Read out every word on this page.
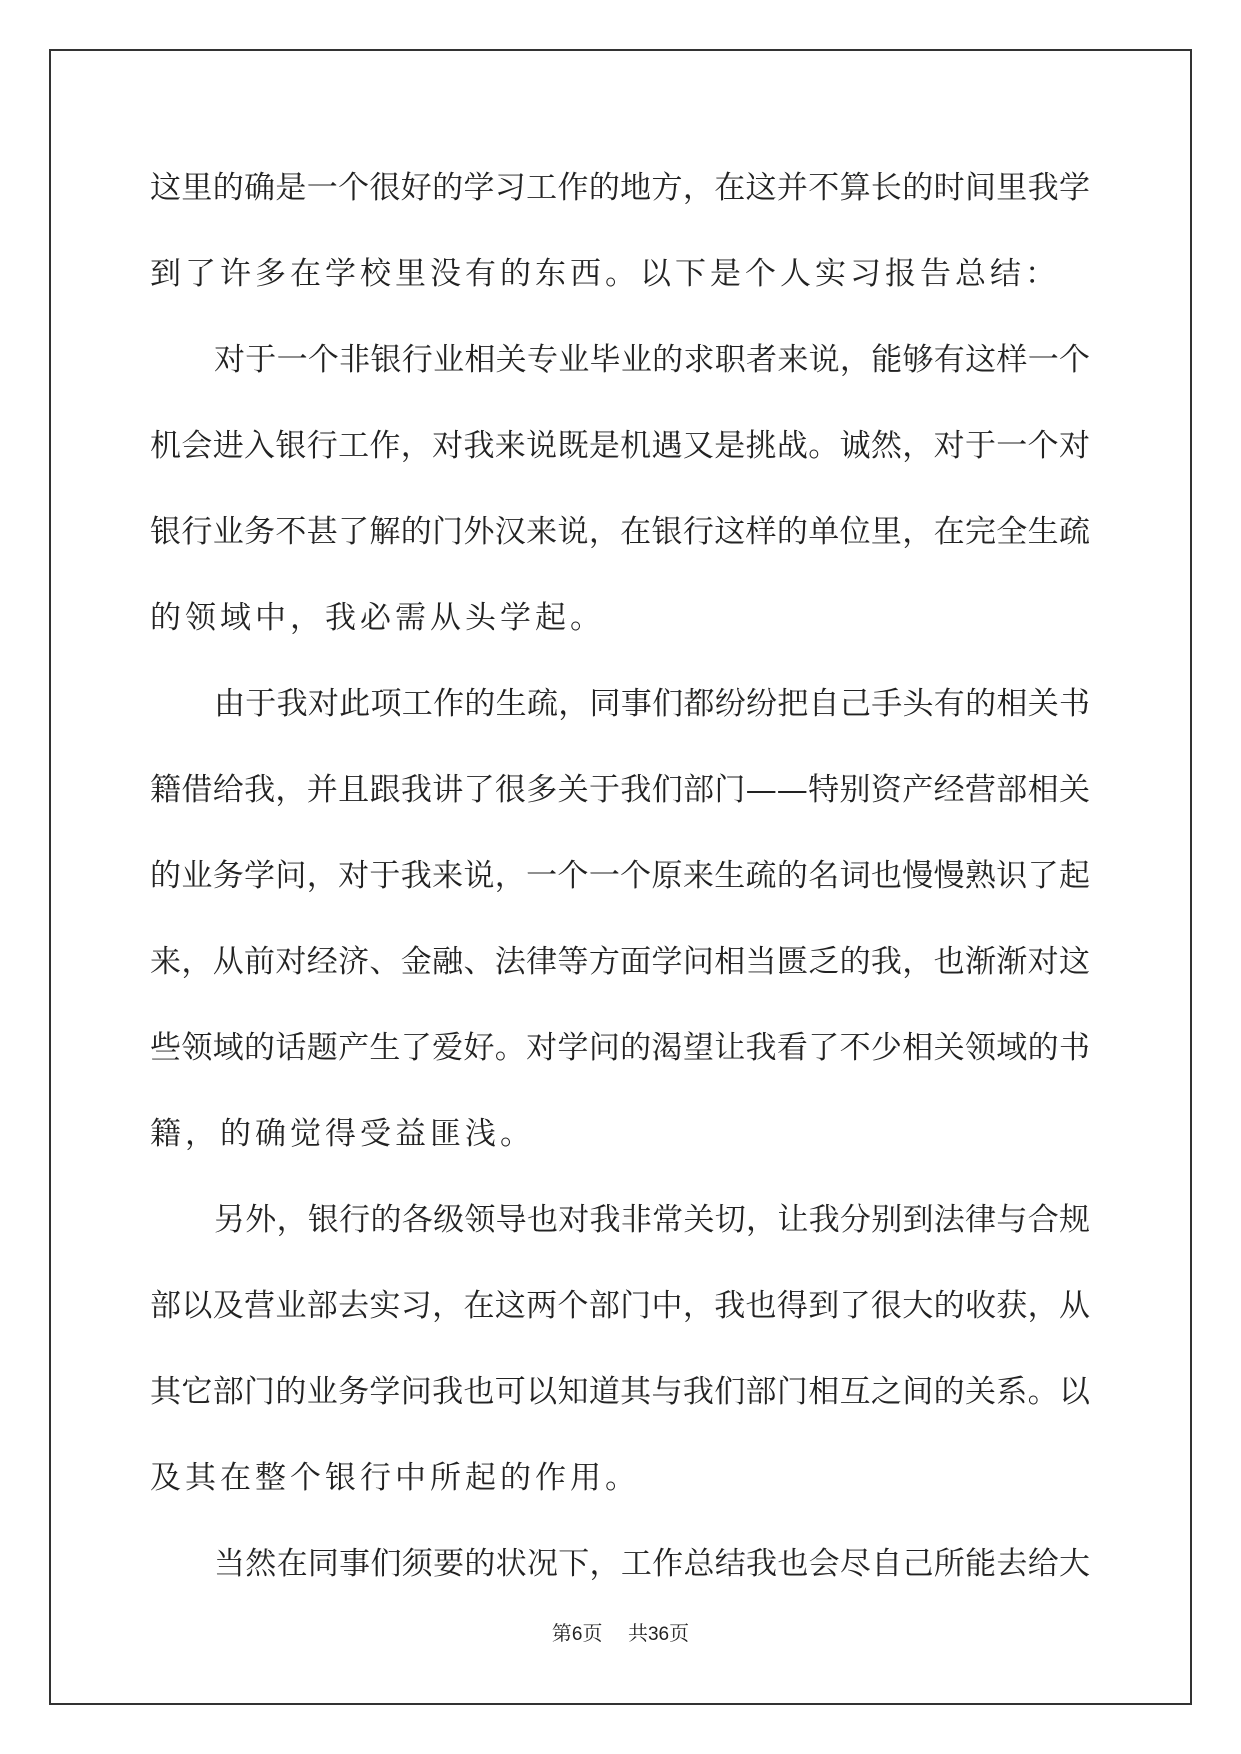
这里的确是一个很好的学习工作的地方，在这并不算长的时间里我学
到了许多在学校里没有的东西。以下是个人实习报告总结：
对于一个非银行业相关专业毕业的求职者来说，能够有这样一个
机会进入银行工作，对我来说既是机遇又是挑战。诚然，对于一个对
银行业务不甚了解的门外汉来说，在银行这样的单位里，在完全生疏
的领域中，我必需从头学起。
由于我对此项工作的生疏，同事们都纷纷把自己手头有的相关书
籍借给我，并且跟我讲了很多关于我们部门——特别资产经营部相关
的业务学问，对于我来说，一个一个原来生疏的名词也慢慢熟识了起
来，从前对经济、金融、法律等方面学问相当匮乏的我，也渐渐对这
些领域的话题产生了爱好。对学问的渴望让我看了不少相关领域的书
籍，的确觉得受益匪浅。
另外，银行的各级领导也对我非常关切，让我分别到法律与合规
部以及营业部去实习，在这两个部门中，我也得到了很大的收获，从
其它部门的业务学问我也可以知道其与我们部门相互之间的关系。以
及其在整个银行中所起的作用。
当然在同事们须要的状况下，工作总结我也会尽自己所能去给大
第6页 共36页
